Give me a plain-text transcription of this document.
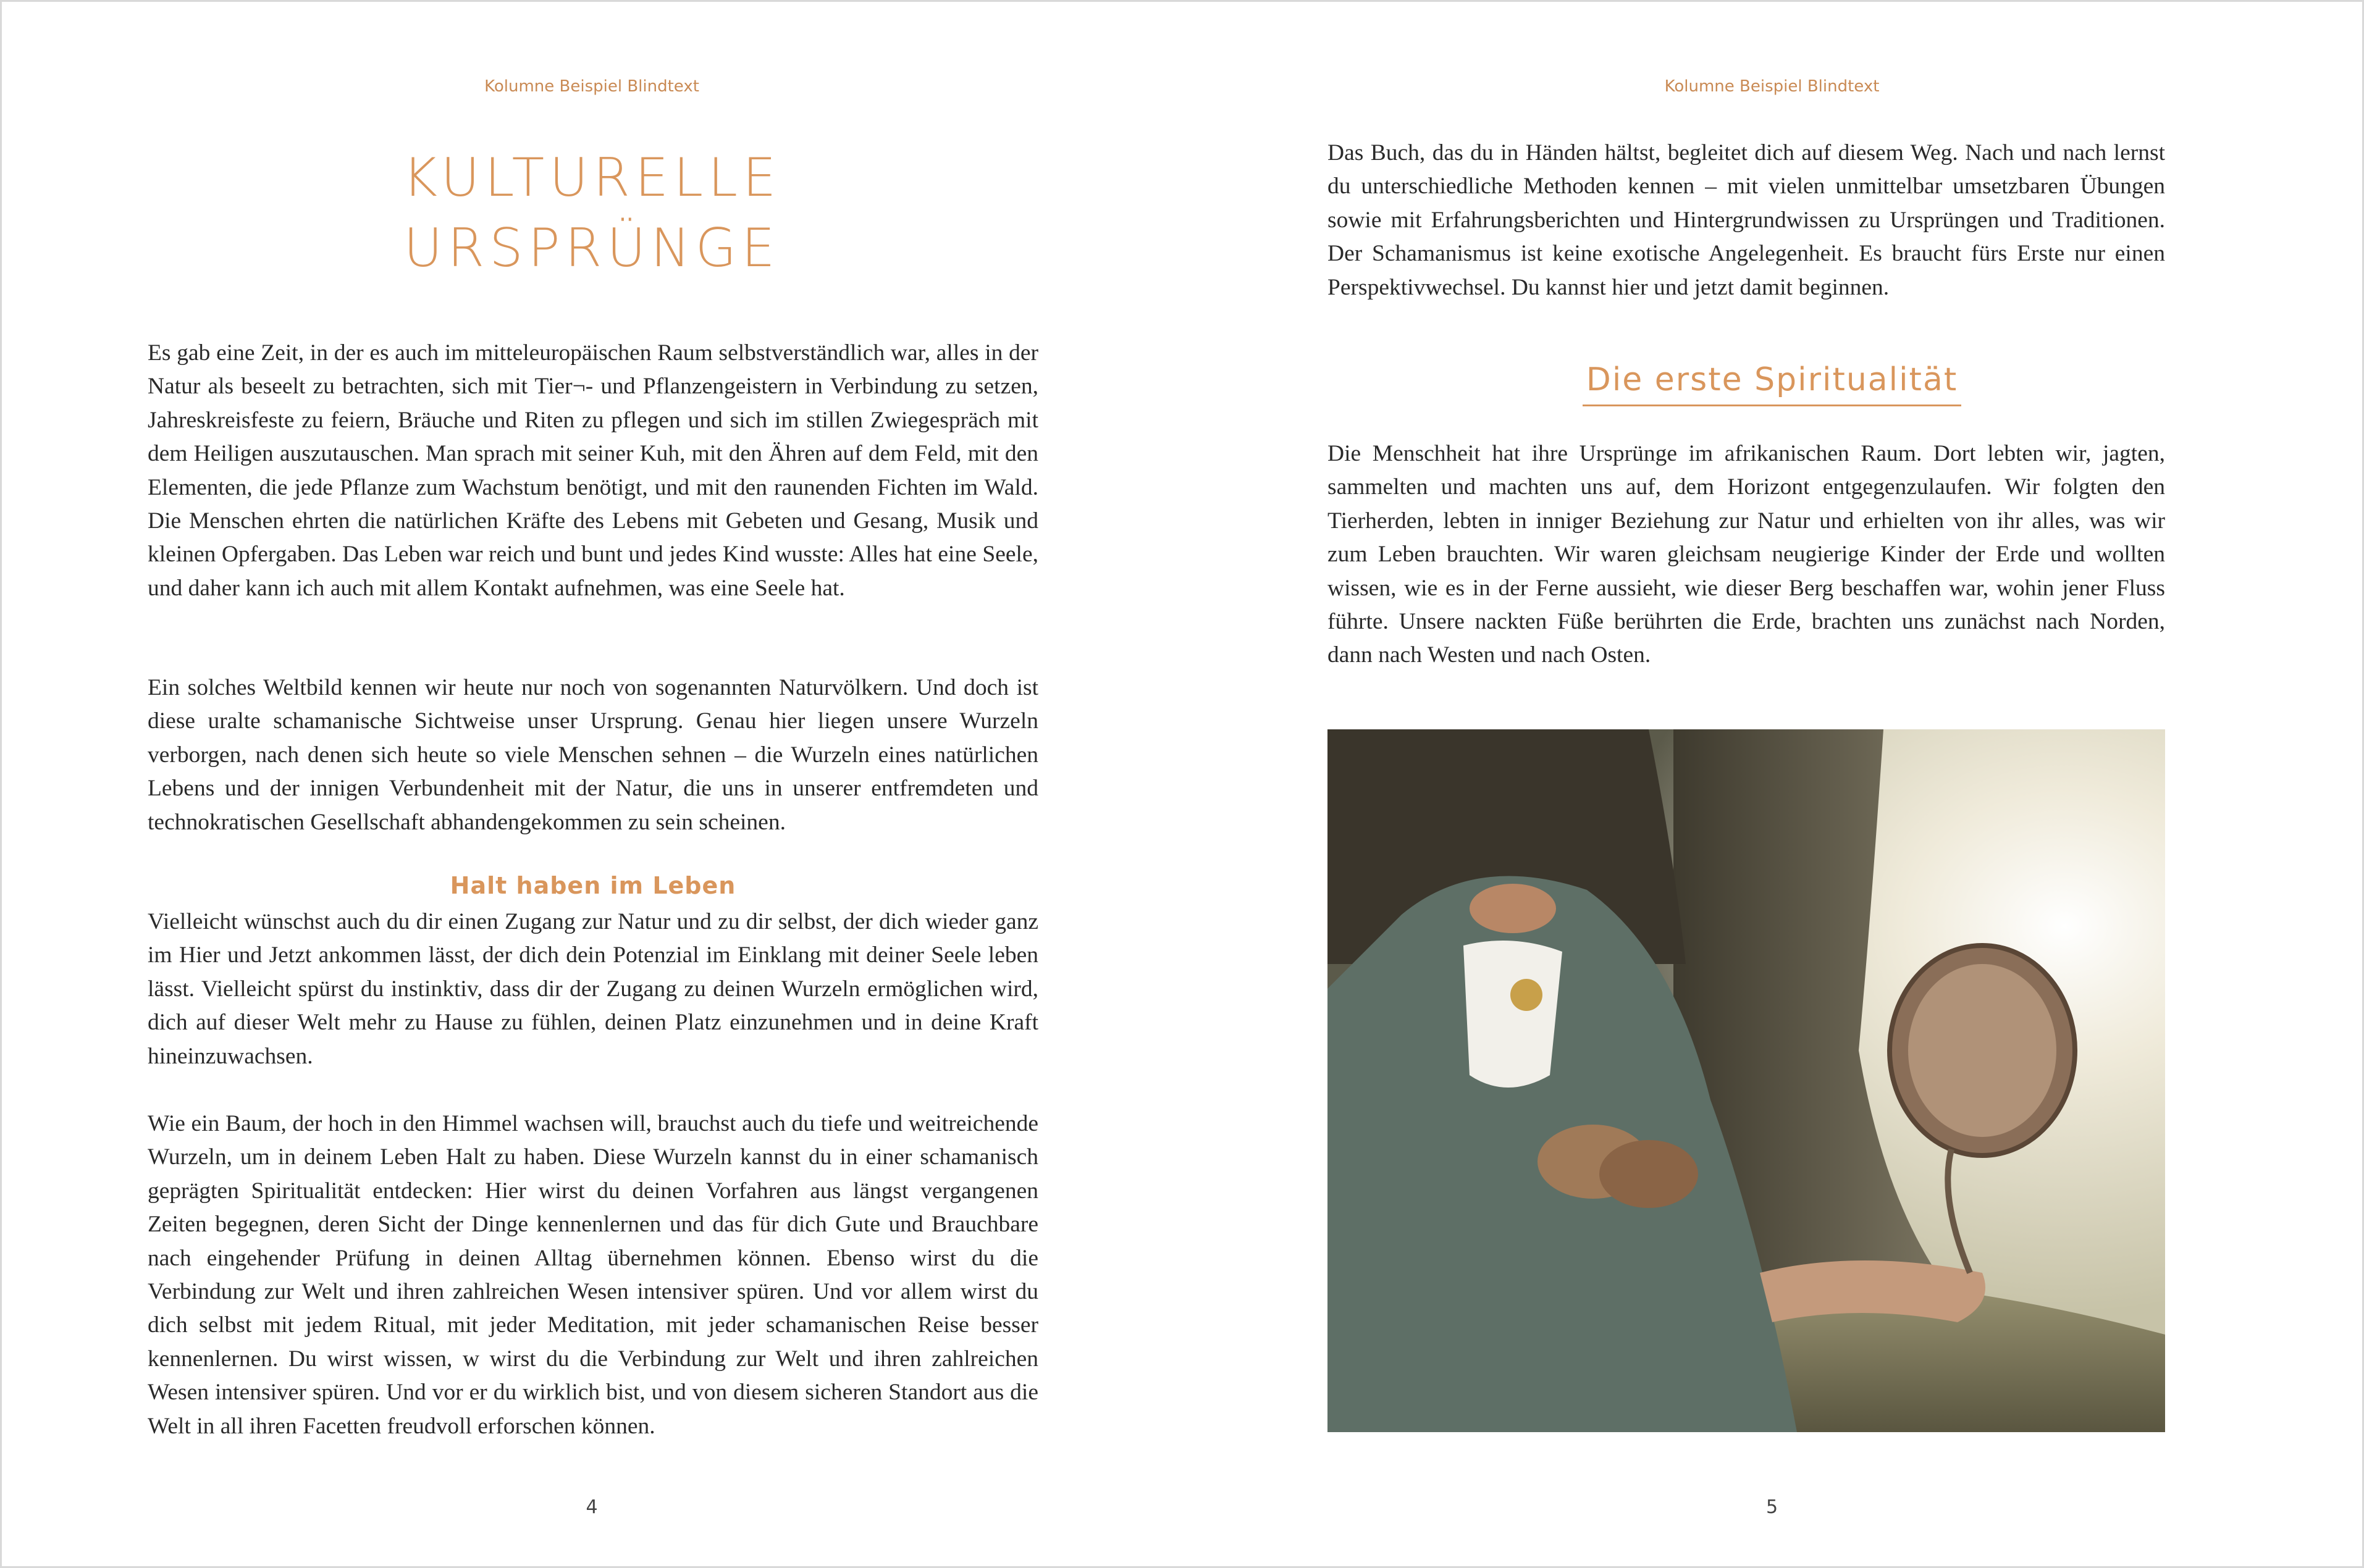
Kolumne Beispiel Blindtext
KULTURELLE
URSPRÜNGE

Es gab eine Zeit, in der es auch im mitteleuropäischen Raum selbstverständlich war, alles in der Natur als beseelt zu betrachten, sich mit Tier¬- und Pflanzengeistern in Verbindung zu setzen, Jahreskreisfeste zu feiern, Bräuche und Riten zu pflegen und sich im stillen Zwiegespräch mit dem Heiligen auszutauschen. Man sprach mit seiner Kuh, mit den Ähren auf dem Feld, mit den Elementen, die jede Pflanze zum Wachstum benötigt, und mit den raunenden Fichten im Wald. Die Menschen ehrten die natürlichen Kräfte des Lebens mit Gebeten und Gesang, Musik und kleinen Opfergaben. Das Leben war reich und bunt und jedes Kind wusste: Alles hat eine Seele, und daher kann ich auch mit allem Kontakt aufnehmen, was eine Seele hat.

Ein solches Weltbild kennen wir heute nur noch von sogenannten Naturvölkern. Und doch ist diese uralte schamanische Sichtweise unser Ursprung. Genau hier liegen unsere Wurzeln verborgen, nach denen sich heute so viele Menschen sehnen – die Wurzeln eines natürlichen Lebens und der innigen Verbundenheit mit der Natur, die uns in unserer entfremdeten und technokratischen Gesellschaft abhandengekommen zu sein scheinen.

Halt haben im Leben

Vielleicht wünschst auch du dir einen Zugang zur Natur und zu dir selbst, der dich wieder ganz im Hier und Jetzt ankommen lässt, der dich dein Potenzial im Einklang mit deiner Seele leben lässt. Vielleicht spürst du instinktiv, dass dir der Zugang zu deinen Wurzeln ermöglichen wird, dich auf dieser Welt mehr zu Hause zu fühlen, deinen Platz einzunehmen und in deine Kraft hineinzuwachsen.

Wie ein Baum, der hoch in den Himmel wachsen will, brauchst auch du tiefe und weitreichende Wurzeln, um in deinem Leben Halt zu haben. Diese Wurzeln kannst du in einer schamanisch geprägten Spiritualität entdecken: Hier wirst du deinen Vorfahren aus längst vergangenen Zeiten begegnen, deren Sicht der Dinge kennenlernen und das für dich Gute und Brauchbare nach eingehender Prüfung in deinen Alltag übernehmen können. Ebenso wirst du die Verbindung zur Welt und ihren zahlreichen Wesen intensiver spüren. Und vor allem wirst du dich selbst mit jedem Ritual, mit jeder Meditation, mit jeder schamanischen Reise besser kennenlernen. Du wirst wissen, w wirst du die Verbindung zur Welt und ihren zahlreichen Wesen intensiver spüren. Und vor er du wirklich bist, und von diesem sicheren Standort aus die Welt in all ihren Facetten freudvoll erforschen können.

4
Kolumne Beispiel Blindtext

Das Buch, das du in Händen hältst, begleitet dich auf diesem Weg. Nach und nach lernst du unterschiedliche Methoden kennen – mit vielen unmittelbar umsetzbaren Übungen sowie mit Erfahrungsberichten und Hintergrundwissen zu Ursprüngen und Traditionen. Der Schamanismus ist keine exotische Angelegenheit. Es braucht fürs Erste nur einen Perspektivwechsel. Du kannst hier und jetzt damit beginnen.

Die erste Spiritualität

Die Menschheit hat ihre Ursprünge im afrikanischen Raum. Dort lebten wir, jagten, sammelten und machten uns auf, dem Horizont entgegenzulaufen. Wir folgten den Tierherden, lebten in inniger Beziehung zur Natur und erhielten von ihr alles, was wir zum Leben brauchten. Wir waren gleichsam neugierige Kinder der Erde und wollten wissen, wie es in der Ferne aussieht, wie dieser Berg beschaffen war, wohin jener Fluss führte. Unsere nackten Füße berührten die Erde, brachten uns zunächst nach Norden, dann nach Westen und nach Osten.

5
